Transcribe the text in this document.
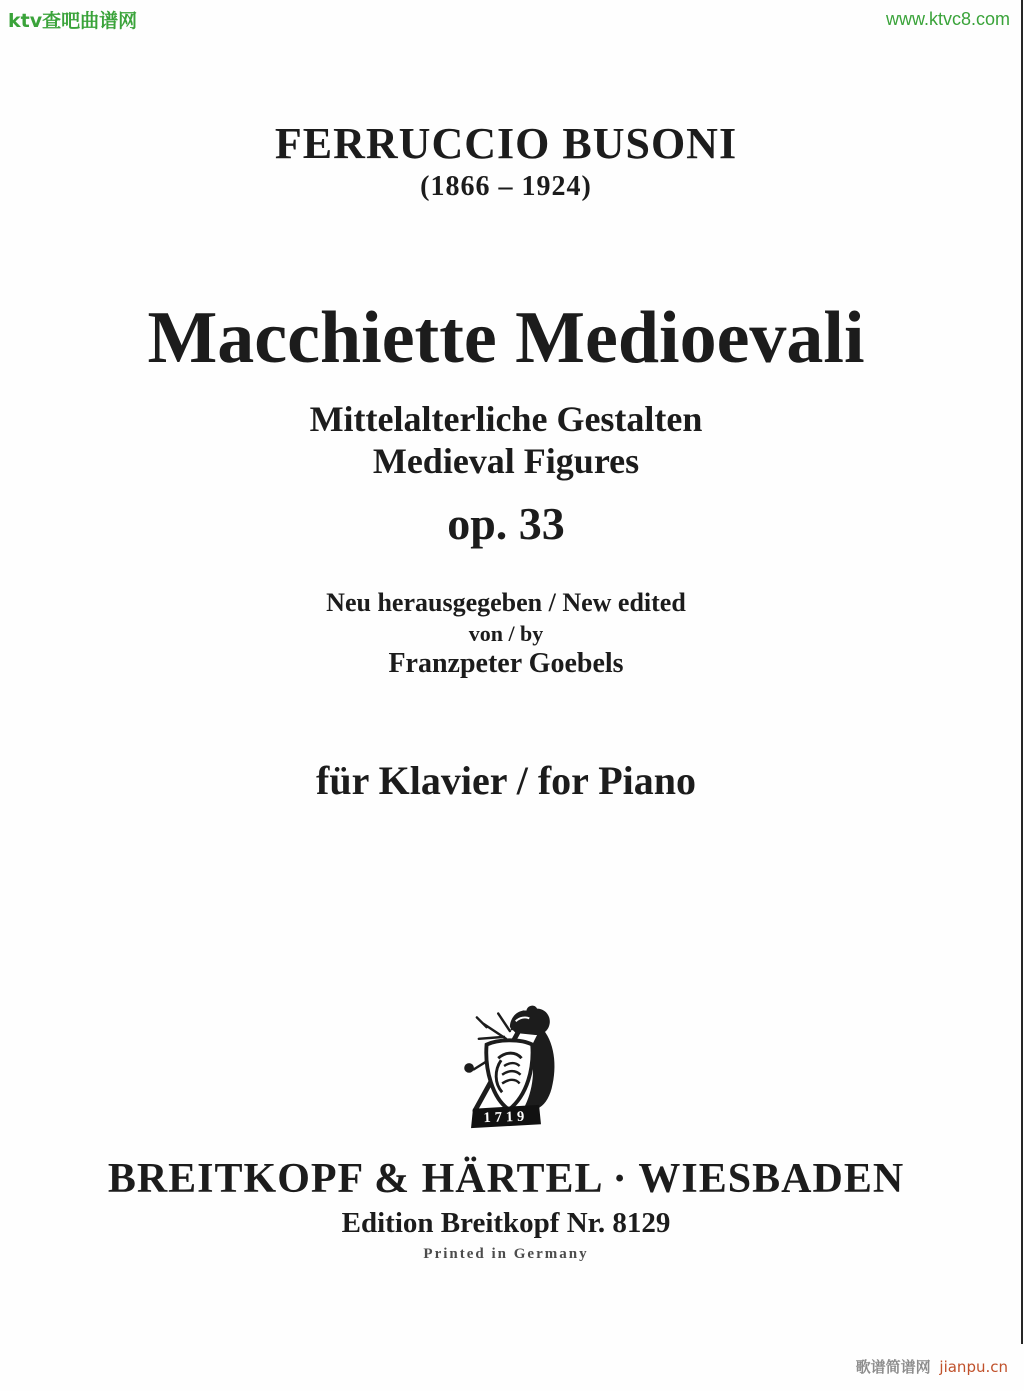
ktv查吧曲谱网	www.ktvc8.com
FERRUCCIO BUSONI
(1866 – 1924)
Macchiette Medioevali
Mittelalterliche Gestalten
Medieval Figures
op. 33
Neu herausgegeben / New edited
von / by
Franzpeter Goebels
für Klavier / for Piano
1719
BREITKOPF & HÄRTEL · WIESBADEN
Edition Breitkopf Nr. 8129
Printed in Germany
歌谱简谱网 jianpu.cn
